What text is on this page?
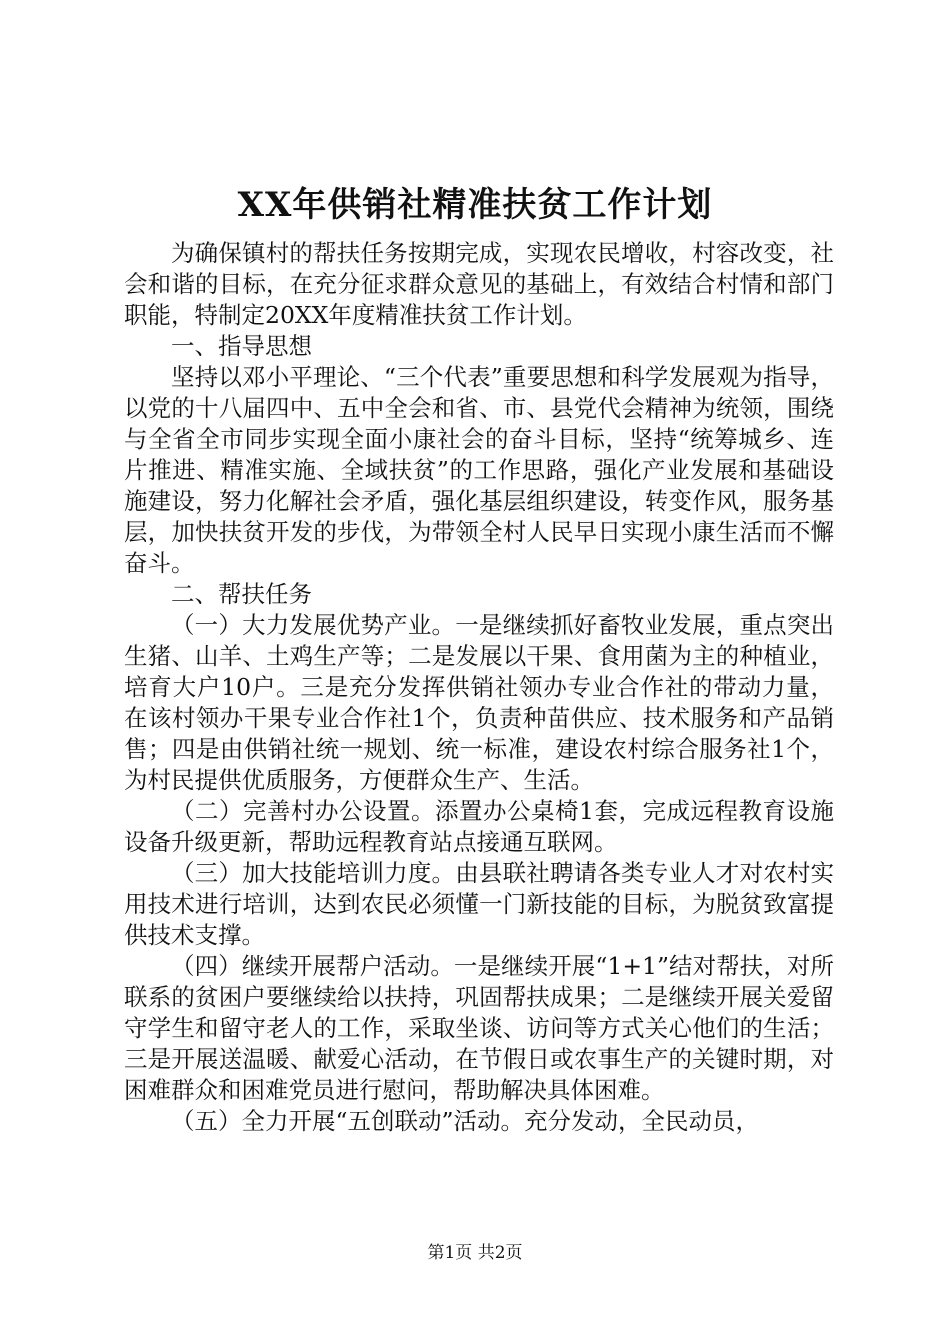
XX年供销社精准扶贫工作计划

为确保镇村的帮扶任务按期完成，实现农民增收，村容改变，社会和谐的目标，在充分征求群众意见的基础上，有效结合村情和部门职能，特制定20XX年度精准扶贫工作计划。

一、指导思想

坚持以邓小平理论、“三个代表”重要思想和科学发展观为指导，以党的十八届四中、五中全会和省、市、县党代会精神为统领，围绕与全省全市同步实现全面小康社会的奋斗目标，坚持“统筹城乡、连片推进、精准实施、全域扶贫”的工作思路，强化产业发展和基础设施建设，努力化解社会矛盾，强化基层组织建设，转变作风，服务基层，加快扶贫开发的步伐，为带领全村人民早日实现小康生活而不懈奋斗。

二、帮扶任务

（一）大力发展优势产业。一是继续抓好畜牧业发展，重点突出生猪、山羊、土鸡生产等；二是发展以干果、食用菌为主的种植业，培育大户10户。三是充分发挥供销社领办专业合作社的带动力量，在该村领办干果专业合作社1个，负责种苗供应、技术服务和产品销售；四是由供销社统一规划、统一标准，建设农村综合服务社1个，为村民提供优质服务，方便群众生产、生活。

（二）完善村办公设置。添置办公桌椅1套，完成远程教育设施设备升级更新，帮助远程教育站点接通互联网。

（三）加大技能培训力度。由县联社聘请各类专业人才对农村实用技术进行培训，达到农民必须懂一门新技能的目标，为脱贫致富提供技术支撑。

（四）继续开展帮户活动。一是继续开展“1+1”结对帮扶，对所联系的贫困户要继续给以扶持，巩固帮扶成果；二是继续开展关爱留守学生和留守老人的工作，采取坐谈、访问等方式关心他们的生活；三是开展送温暖、献爱心活动，在节假日或农事生产的关键时期，对困难群众和困难党员进行慰问，帮助解决具体困难。

（五）全力开展“五创联动”活动。充分发动，全民动员，

第1页 共2页
